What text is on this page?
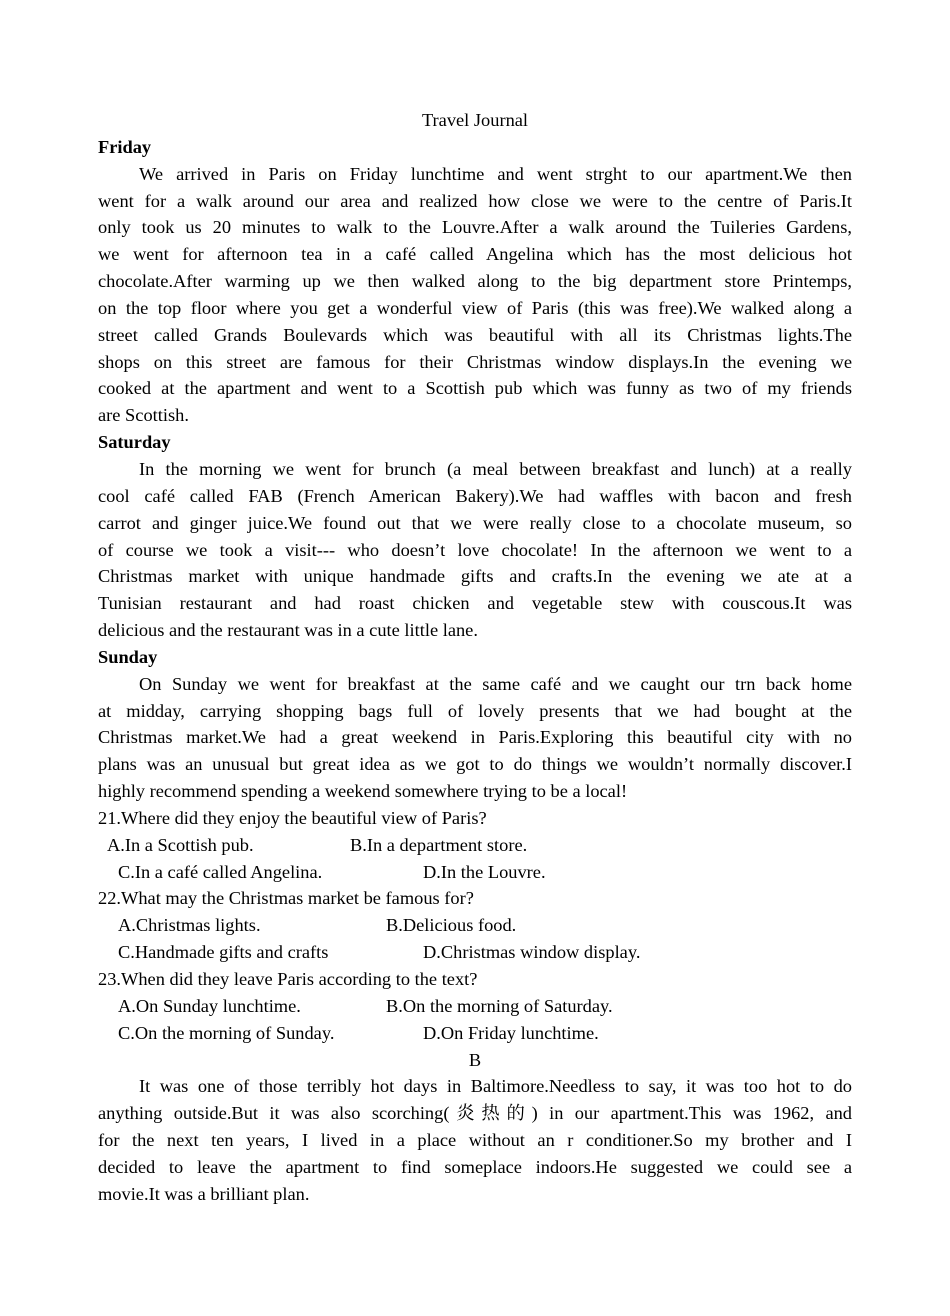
Travel Journal
Friday
We arrived in Paris on Friday lunchtime and went strght to our apartment.We then
went for a walk around our area and realized how close we were to the centre of Paris.It
only took us 20 minutes to walk to the Louvre.After a walk around the Tuileries Gardens,
we went for afternoon tea in a café called Angelina which has the most delicious hot
chocolate.After warming up we then walked along to the big department store Printemps,
on the top floor where you get a wonderful view of Paris (this was free).We walked along a
street called Grands Boulevards which was beautiful with all its Christmas lights.The
shops on this street are famous for their Christmas window displays.In the evening we
cooked at the apartment and went to a Scottish pub which was funny as two of my friends
are Scottish.
Saturday
In the morning we went for brunch (a meal between breakfast and lunch) at a really
cool café called FAB (French American Bakery).We had waffles with bacon and fresh
carrot and ginger juice.We found out that we were really close to a chocolate museum, so
of course we took a visit--- who doesn’t love chocolate! In the afternoon we went to a
Christmas market with unique handmade gifts and crafts.In the evening we ate at a
Tunisian restaurant and had roast chicken and vegetable stew with couscous.It was
delicious and the restaurant was in a cute little lane.
Sunday
On Sunday we went for breakfast at the same café and we caught our trn back home
at midday, carrying shopping bags full of lovely presents that we had bought at the
Christmas market.We had a great weekend in Paris.Exploring this beautiful city with no
plans was an unusual but great idea as we got to do things we wouldn’t normally discover.I
highly recommend spending a weekend somewhere trying to be a local!
21.Where did they enjoy the beautiful view of Paris?
A.In a Scottish pub.	B.In a department store.
C.In a café called Angelina.	D.In the Louvre.
22.What may the Christmas market be famous for?
A.Christmas lights.	B.Delicious food.
C.Handmade gifts and crafts	D.Christmas window display.
23.When did they leave Paris according to the text?
A.On Sunday lunchtime.	B.On the morning of Saturday.
C.On the morning of Sunday.	D.On Friday lunchtime.
B
It was one of those terribly hot days in Baltimore.Needless to say, it was too hot to do
anything outside.But it was also scorching(炎热的) in our apartment.This was 1962, and
for the next ten years, I lived in a place without an r conditioner.So my brother and I
decided to leave the apartment to find someplace indoors.He suggested we could see a
movie.It was a brilliant plan.
